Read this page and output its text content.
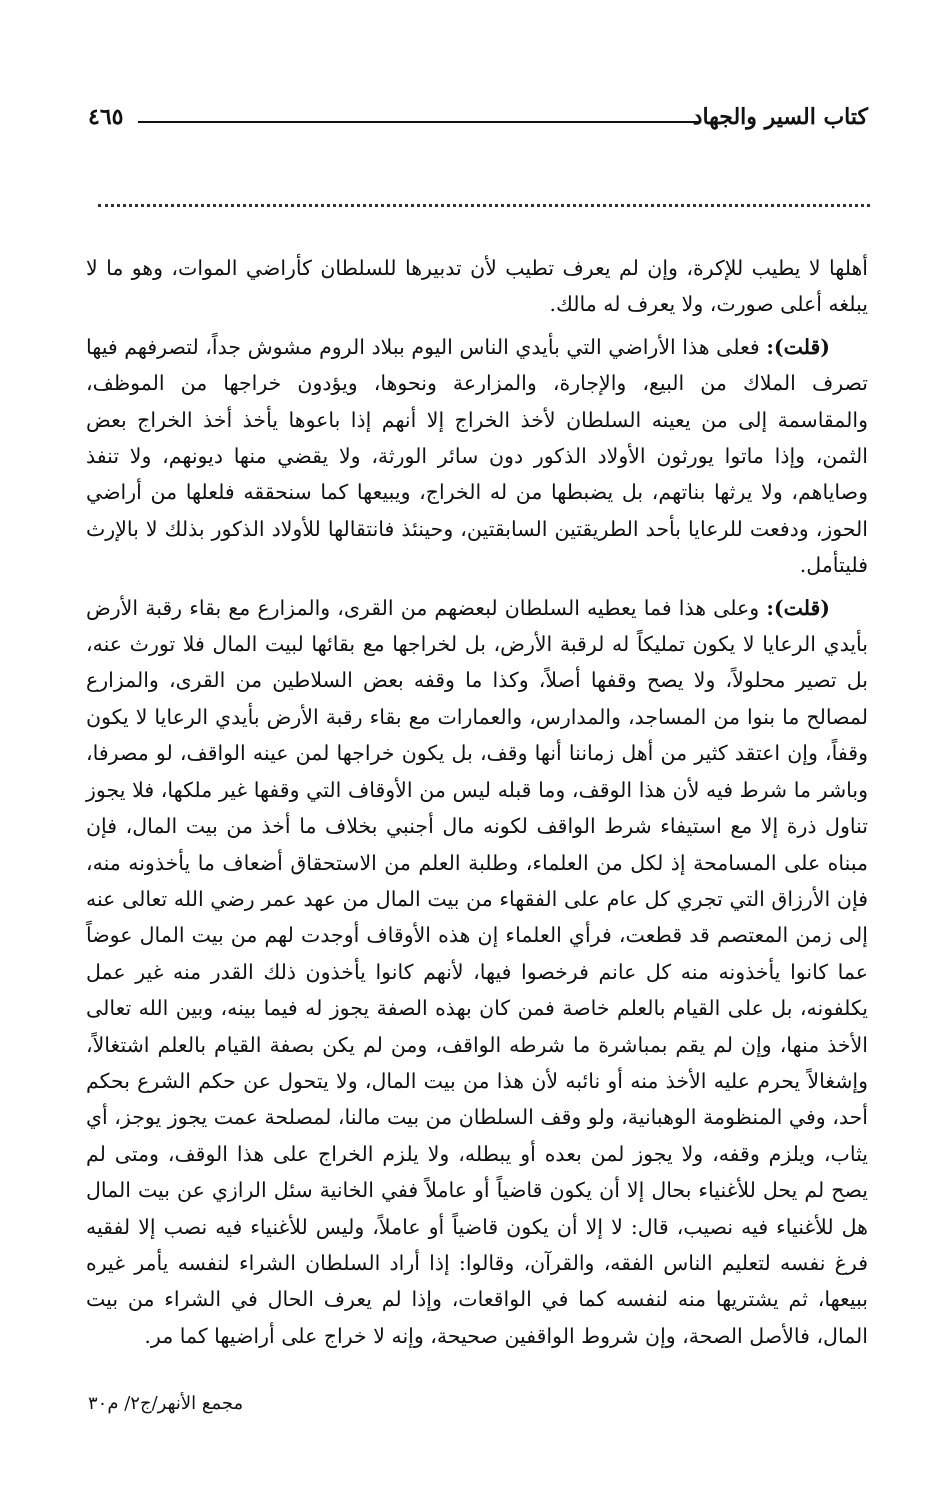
٤٦٥	كتاب السير والجهاد

أهلها لا يطيب للإكرة، وإن لم يعرف تطيب لأن تدبيرها للسلطان كأراضي الموات، وهو ما لا يبلغه أعلى صورت، ولا يعرف له مالك.

(قلت): فعلى هذا الأراضي التي بأيدي الناس اليوم ببلاد الروم مشوش جداً، لتصرفهم فيها تصرف الملاك من البيع، والإجارة، والمزارعة ونحوها، ويؤدون خراجها من الموظف، والمقاسمة إلى من يعينه السلطان لأخذ الخراج إلا أنهم إذا باعوها يأخذ أخذ الخراج بعض الثمن، وإذا ماتوا يورثون الأولاد الذكور دون سائر الورثة، ولا يقضي منها ديونهم، ولا تنفذ وصاياهم، ولا يرثها بناتهم، بل يضبطها من له الخراج، ويبيعها كما سنحققه فلعلها من أراضي الحوز، ودفعت للرعايا بأحد الطريقتين السابقتين، وحينئذ فانتقالها للأولاد الذكور بذلك لا بالإرث فليتأمل.

(قلت): وعلى هذا فما يعطيه السلطان لبعضهم من القرى، والمزارع مع بقاء رقبة الأرض بأيدي الرعايا لا يكون تمليكاً له لرقبة الأرض، بل لخراجها مع بقائها لبيت المال فلا تورث عنه، بل تصير محلولاً، ولا يصح وقفها أصلاً، وكذا ما وقفه بعض السلاطين من القرى، والمزارع لمصالح ما بنوا من المساجد، والمدارس، والعمارات مع بقاء رقبة الأرض بأيدي الرعايا لا يكون وقفاً، وإن اعتقد كثير من أهل زماننا أنها وقف، بل يكون خراجها لمن عينه الواقف، لو مصرفا، وباشر ما شرط فيه لأن هذا الوقف، وما قبله ليس من الأوقاف التي وقفها غير ملكها، فلا يجوز تناول ذرة إلا مع استيفاء شرط الواقف لكونه مال أجنبي بخلاف ما أخذ من بيت المال، فإن مبناه على المسامحة إذ لكل من العلماء، وطلبة العلم من الاستحقاق أضعاف ما يأخذونه منه، فإن الأرزاق التي تجري كل عام على الفقهاء من بيت المال من عهد عمر رضي الله تعالى عنه إلى زمن المعتصم قد قطعت، فرأي العلماء إن هذه الأوقاف أوجدت لهم من بيت المال عوضاً عما كانوا يأخذونه منه كل عانم فرخصوا فيها، لأنهم كانوا يأخذون ذلك القدر منه غير عمل يكلفونه، بل على القيام بالعلم خاصة فمن كان بهذه الصفة يجوز له فيما بينه، وبين الله تعالى الأخذ منها، وإن لم يقم بمباشرة ما شرطه الواقف، ومن لم يكن بصفة القيام بالعلم اشتغالاً، وإشغالاً يحرم عليه الأخذ منه أو نائبه لأن هذا من بيت المال، ولا يتحول عن حكم الشرع بحكم أحد، وفي المنظومة الوهبانية، ولو وقف السلطان من بيت مالنا، لمصلحة عمت يجوز يوجز، أي يثاب، ويلزم وقفه، ولا يجوز لمن بعده أو يبطله، ولا يلزم الخراج على هذا الوقف، ومتى لم يصح لم يحل للأغنياء بحال إلا أن يكون قاضياً أو عاملاً ففي الخانية سئل الرازي عن بيت المال هل للأغنياء فيه نصيب، قال: لا إلا أن يكون قاضياً أو عاملاً، وليس للأغنياء فيه نصب إلا لفقيه فرغ نفسه لتعليم الناس الفقه، والقرآن، وقالوا: إذا أراد السلطان الشراء لنفسه يأمر غيره ببيعها، ثم يشتريها منه لنفسه كما في الواقعات، وإذا لم يعرف الحال في الشراء من بيت المال، فالأصل الصحة، وإن شروط الواقفين صحيحة، وإنه لا خراج على أراضيها كما مر.

مجمع الأنهر/ج٢/ م٣٠
